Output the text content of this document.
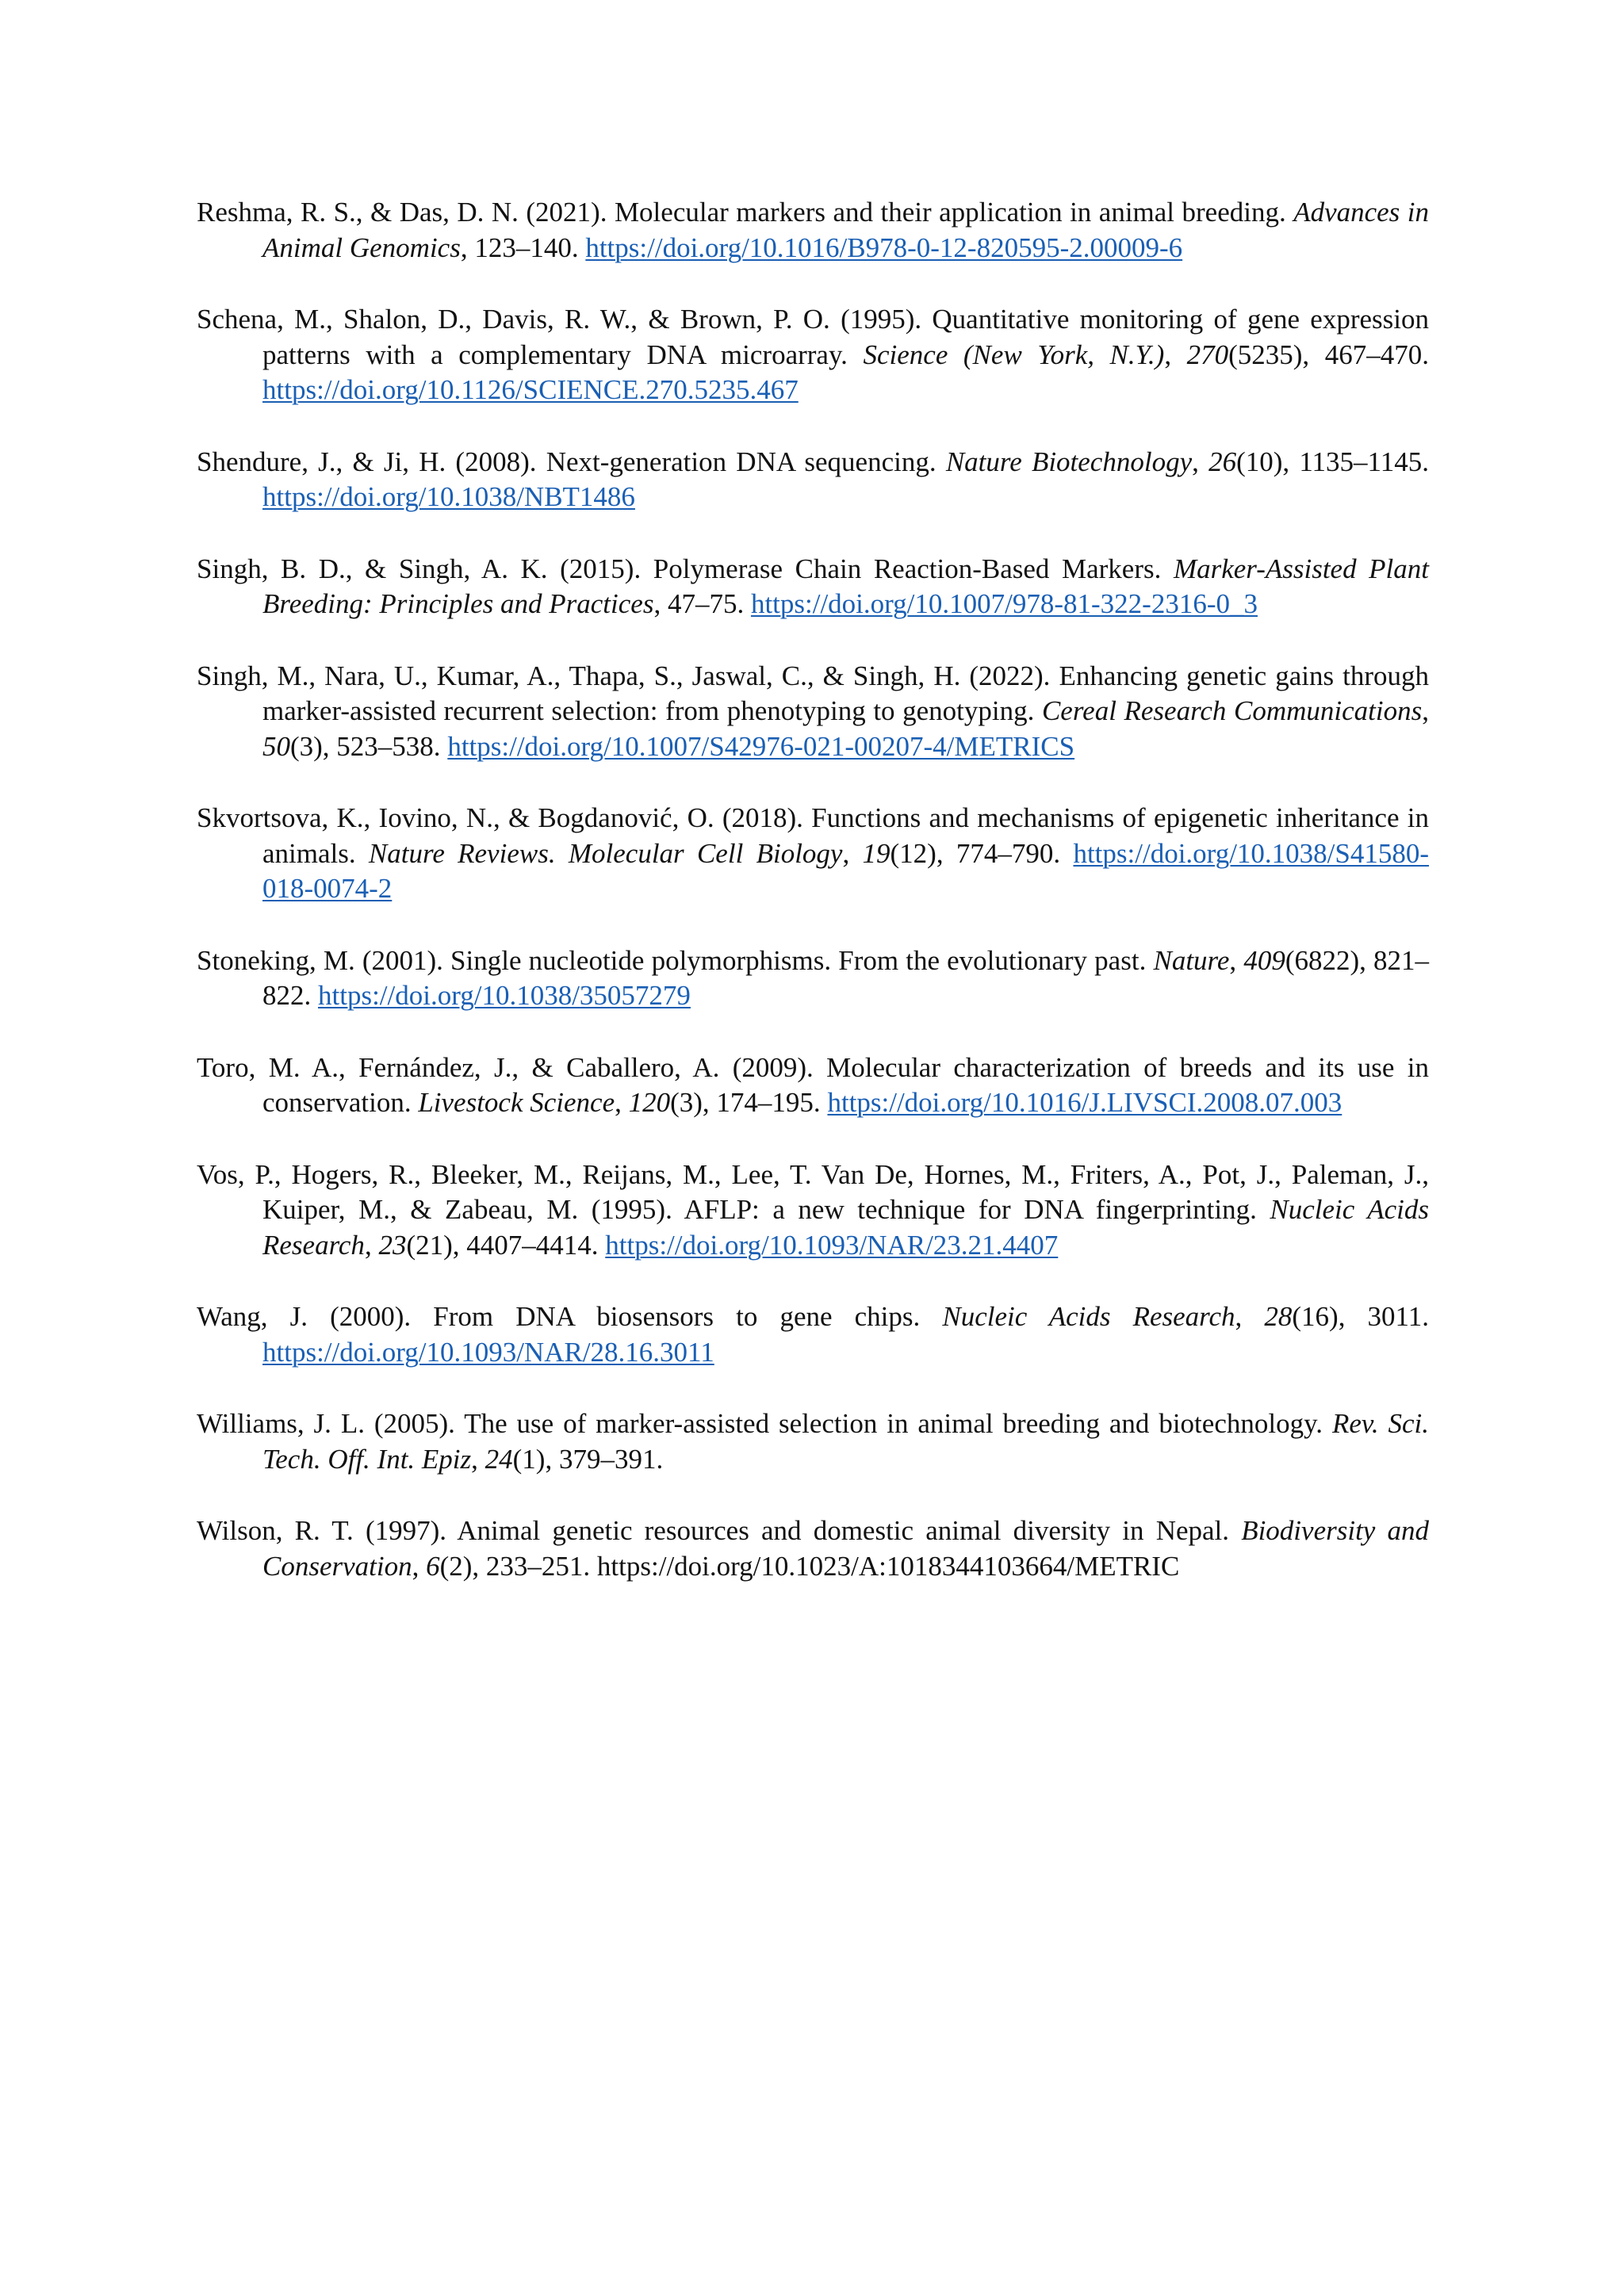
Reshma, R. S., & Das, D. N. (2021). Molecular markers and their application in animal breeding. Advances in Animal Genomics, 123–140. https://doi.org/10.1016/B978-0-12-820595-2.00009-6
Schena, M., Shalon, D., Davis, R. W., & Brown, P. O. (1995). Quantitative monitoring of gene expression patterns with a complementary DNA microarray. Science (New York, N.Y.), 270(5235), 467–470. https://doi.org/10.1126/SCIENCE.270.5235.467
Shendure, J., & Ji, H. (2008). Next-generation DNA sequencing. Nature Biotechnology, 26(10), 1135–1145. https://doi.org/10.1038/NBT1486
Singh, B. D., & Singh, A. K. (2015). Polymerase Chain Reaction-Based Markers. Marker-Assisted Plant Breeding: Principles and Practices, 47–75. https://doi.org/10.1007/978-81-322-2316-0_3
Singh, M., Nara, U., Kumar, A., Thapa, S., Jaswal, C., & Singh, H. (2022). Enhancing genetic gains through marker-assisted recurrent selection: from phenotyping to genotyping. Cereal Research Communications, 50(3), 523–538. https://doi.org/10.1007/S42976-021-00207-4/METRICS
Skvortsova, K., Iovino, N., & Bogdanović, O. (2018). Functions and mechanisms of epigenetic inheritance in animals. Nature Reviews. Molecular Cell Biology, 19(12), 774–790. https://doi.org/10.1038/S41580-018-0074-2
Stoneking, M. (2001). Single nucleotide polymorphisms. From the evolutionary past. Nature, 409(6822), 821–822. https://doi.org/10.1038/35057279
Toro, M. A., Fernández, J., & Caballero, A. (2009). Molecular characterization of breeds and its use in conservation. Livestock Science, 120(3), 174–195. https://doi.org/10.1016/J.LIVSCI.2008.07.003
Vos, P., Hogers, R., Bleeker, M., Reijans, M., Lee, T. Van De, Hornes, M., Friters, A., Pot, J., Paleman, J., Kuiper, M., & Zabeau, M. (1995). AFLP: a new technique for DNA fingerprinting. Nucleic Acids Research, 23(21), 4407–4414. https://doi.org/10.1093/NAR/23.21.4407
Wang, J. (2000). From DNA biosensors to gene chips. Nucleic Acids Research, 28(16), 3011. https://doi.org/10.1093/NAR/28.16.3011
Williams, J. L. (2005). The use of marker-assisted selection in animal breeding and biotechnology. Rev. Sci. Tech. Off. Int. Epiz, 24(1), 379–391.
Wilson, R. T. (1997). Animal genetic resources and domestic animal diversity in Nepal. Biodiversity and Conservation, 6(2), 233–251. https://doi.org/10.1023/A:1018344103664/METRIC
